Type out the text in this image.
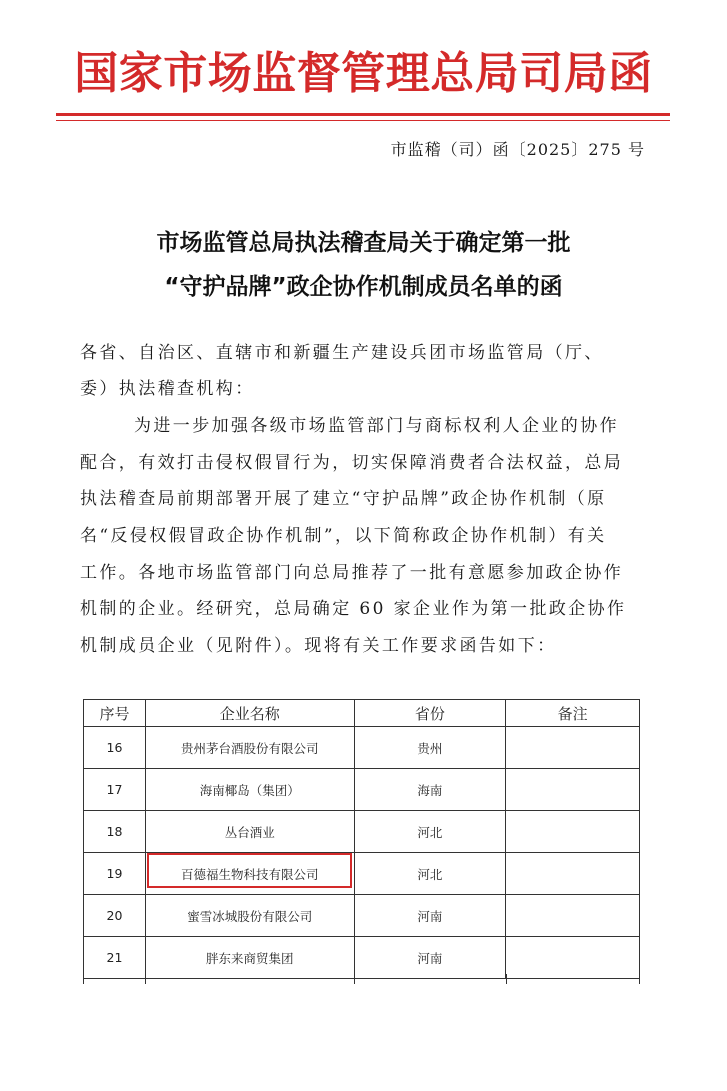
国家市场监督管理总局司局函
市监稽（司）函〔2025〕275 号
市场监管总局执法稽查局关于确定第一批
“守护品牌”政企协作机制成员名单的函
各省、自治区、直辖市和新疆生产建设兵团市场监管局（厅、
委）执法稽查机构：
为进一步加强各级市场监管部门与商标权利人企业的协作
配合，有效打击侵权假冒行为，切实保障消费者合法权益，总局
执法稽查局前期部署开展了建立“守护品牌”政企协作机制（原
名“反侵权假冒政企协作机制”，以下简称政企协作机制）有关
工作。各地市场监管部门向总局推荐了一批有意愿参加政企协作
机制的企业。经研究，总局确定 60 家企业作为第一批政企协作
机制成员企业（见附件）。现将有关工作要求函告如下：
序号	企业名称	省份	备注
16	贵州茅台酒股份有限公司	贵州	
17	海南椰岛（集团）	海南	
18	丛台酒业	河北	
19	百德福生物科技有限公司	河北	
20	蜜雪冰城股份有限公司	河南	
21	胖东来商贸集团	河南	
